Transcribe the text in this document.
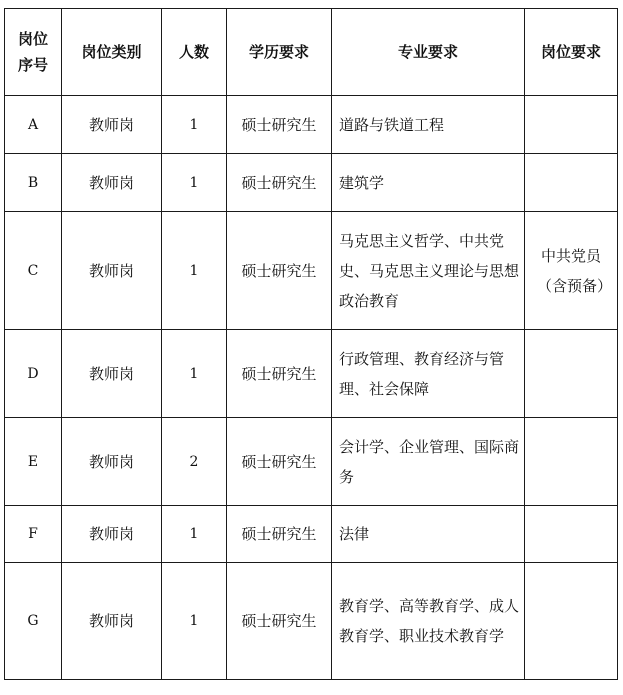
岗位序号	岗位类别	人数	学历要求	专业要求	岗位要求
A	教师岗	1	硕士研究生	道路与铁道工程	
B	教师岗	1	硕士研究生	建筑学	
C	教师岗	1	硕士研究生	马克思主义哲学、中共党史、马克思主义理论与思想政治教育	中共党员（含预备）
D	教师岗	1	硕士研究生	行政管理、教育经济与管理、社会保障	
E	教师岗	2	硕士研究生	会计学、企业管理、国际商务	
F	教师岗	1	硕士研究生	法律	
G	教师岗	1	硕士研究生	教育学、高等教育学、成人教育学、职业技术教育学	
